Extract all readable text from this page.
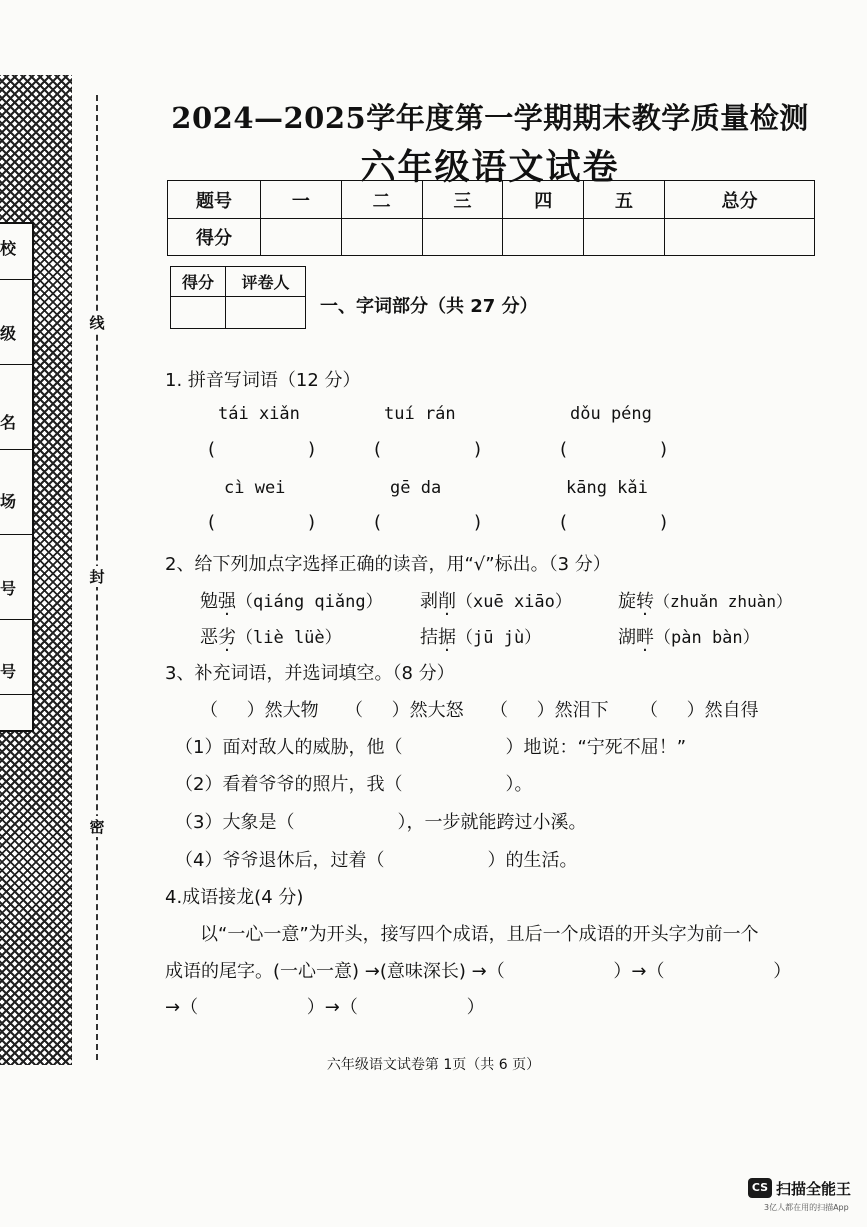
校
级
名
场
号
号
线
封
密
2024—2025学年度第一学期期末教学质量检测
六年级语文试卷
题号	一	二	三	四	五	总分
得分						
得分	评卷人

一、字词部分（共 27 分）
1. 拼音写词语（12 分）
tái xiǎn	tuí rán	dǒu péng
(	)	(	)	(	)
cì wei	gē da	kāng kǎi
(	)	(	)	(	)
2、给下列加点字选择正确的读音，用“√”标出。（3 分）
勉强（qiáng qiǎng） 剥削（xuē xiāo）	旋转（zhuǎn zhuàn）
恶劣（liè lüè）	拮据（jū jù）	湖畔（pàn bàn）
3、补充词语，并选词填空。（8 分）
（     ）然大物 （     ）然大怒 （     ）然泪下 （     ）然自得
（1）面对敌人的威胁，他（                  ）地说：“宁死不屈！”
（2）看着爷爷的照片，我（                  ）。
（3）大象是（                  ），一步就能跨过小溪。
（4）爷爷退休后，过着（                  ）的生活。
4.成语接龙(4 分)
以“一心一意”为开头，接写四个成语，且后一个成语的开头字为前一个
成语的尾字。(一心一意) →(意味深长) →（                   ）→（                   ）
→（                   ）→（                   ）
六年级语文试卷第 1页（共 6 页）
CS 扫描全能王
3亿人都在用的扫描App
